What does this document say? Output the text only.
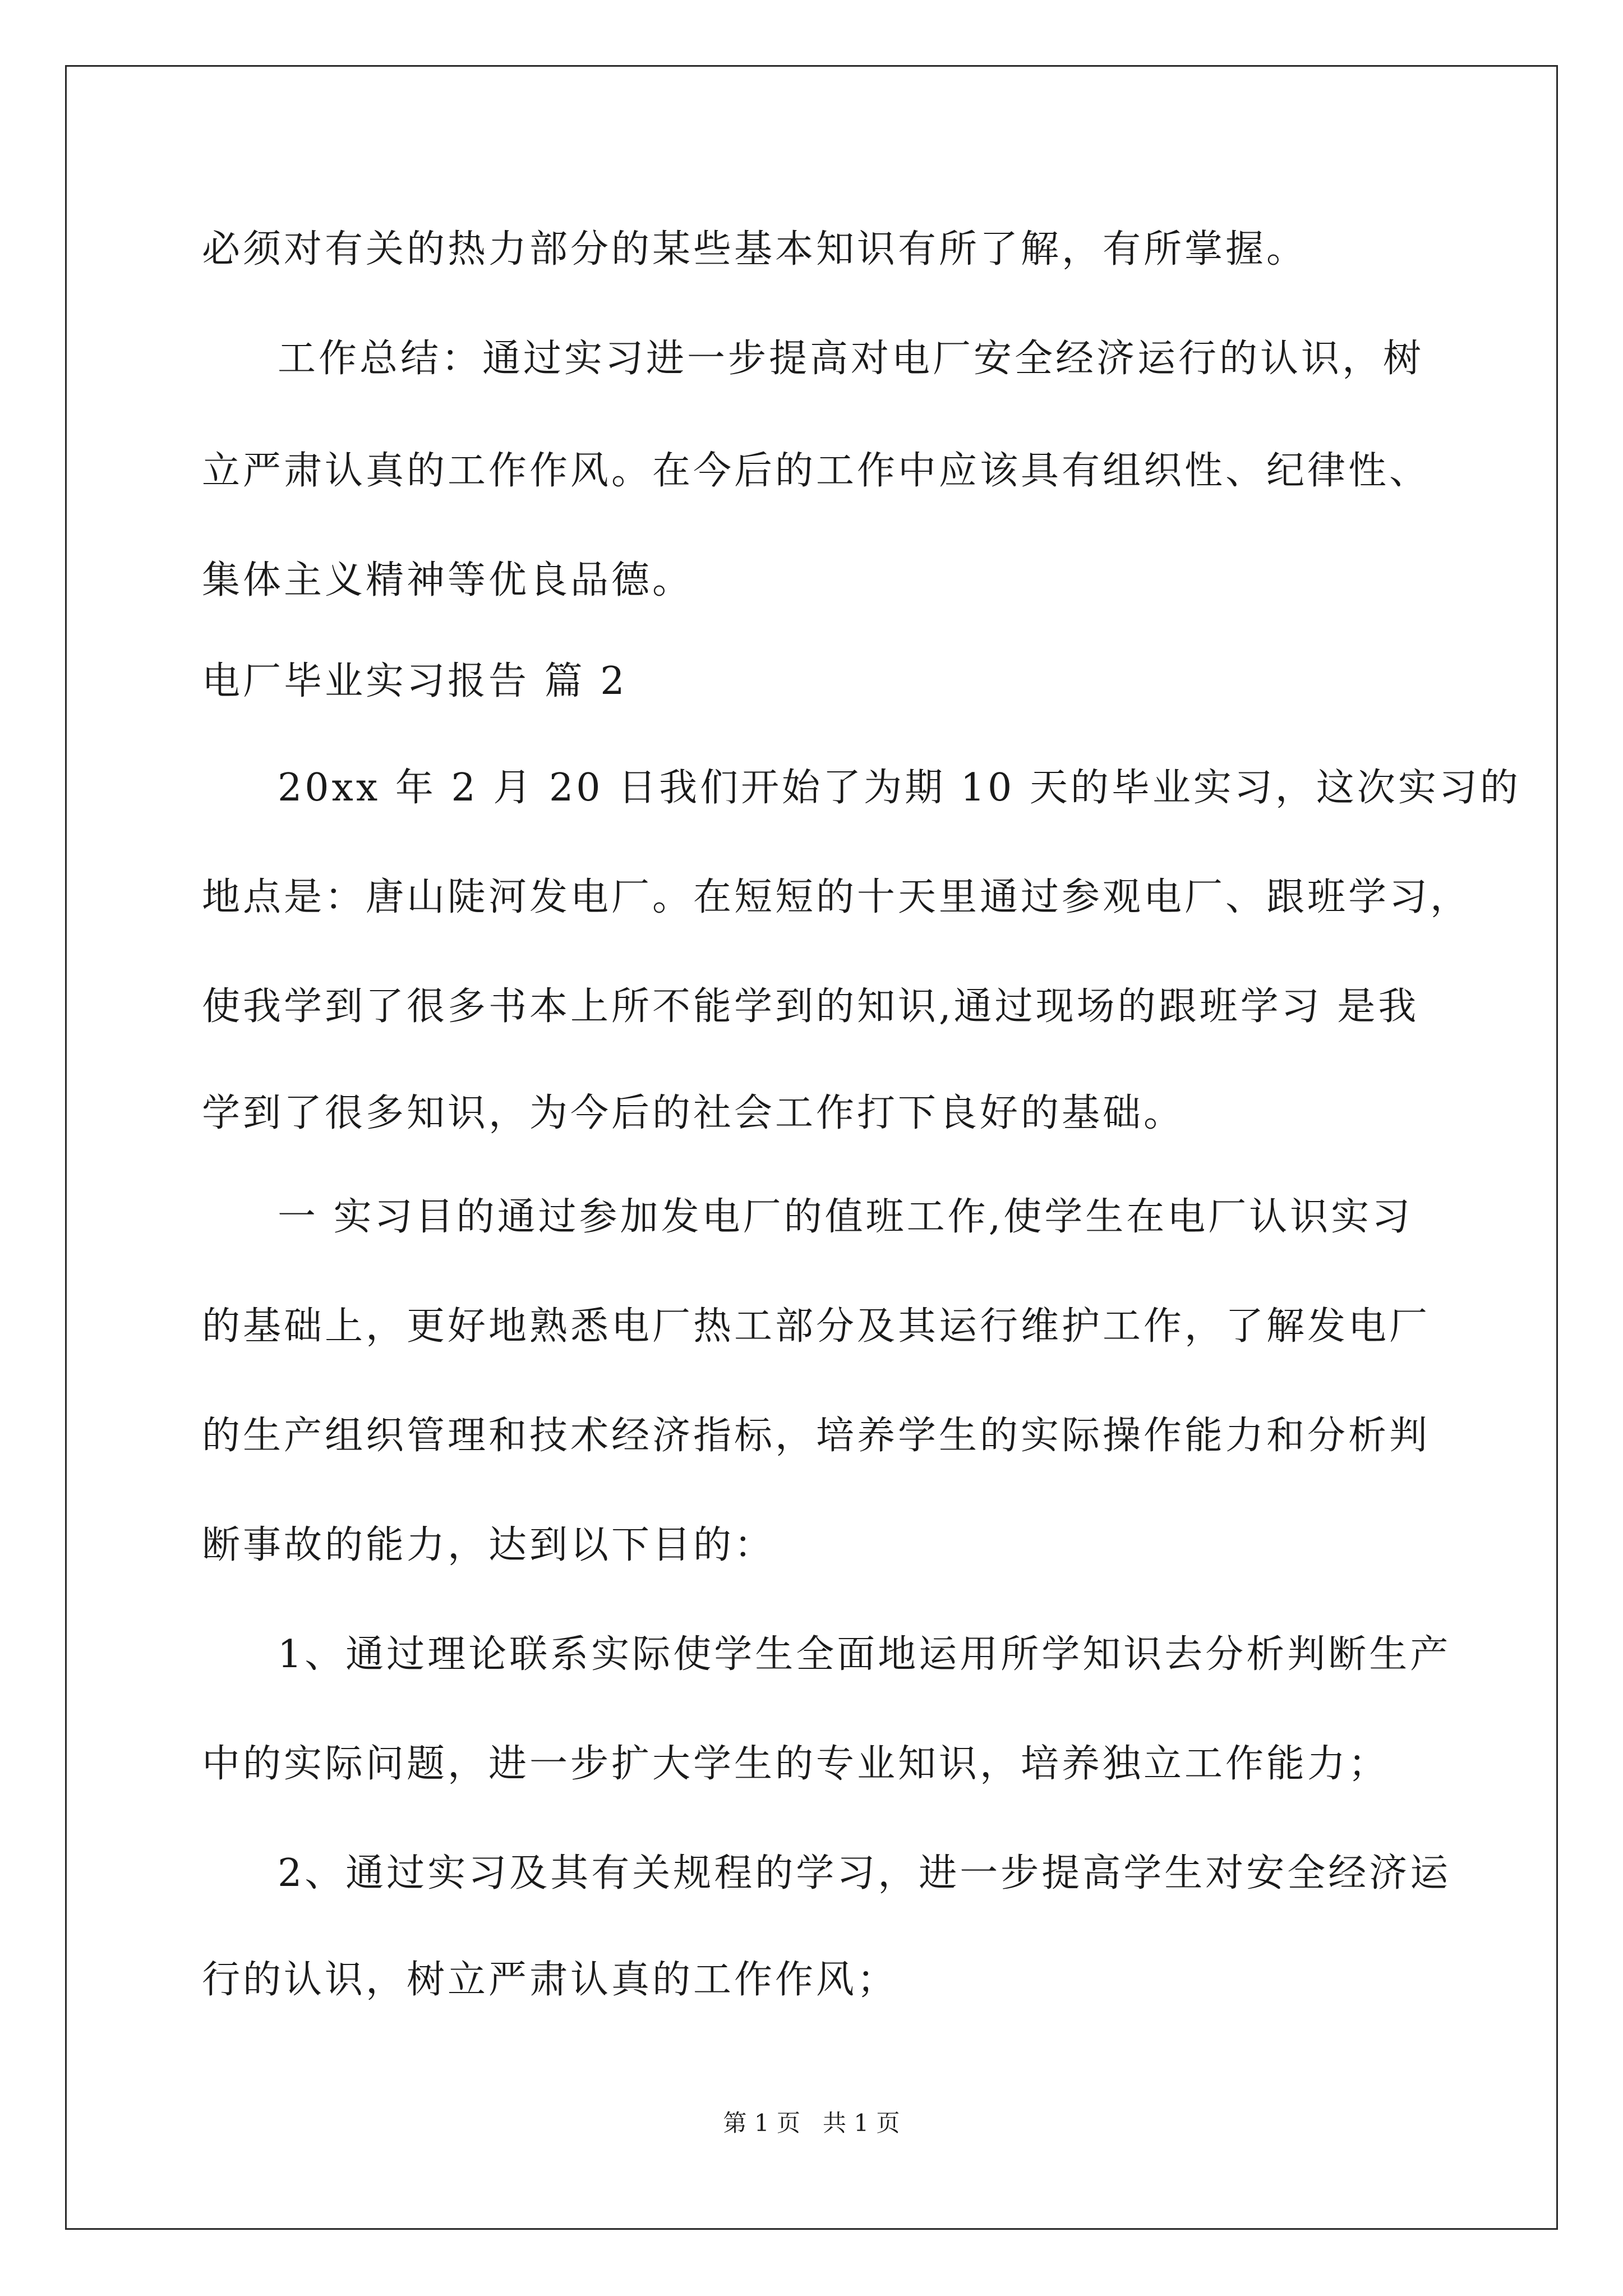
必须对有关的热力部分的某些基本知识有所了解，有所掌握。
工作总结：通过实习进一步提高对电厂安全经济运行的认识，树
立严肃认真的工作作风。在今后的工作中应该具有组织性、纪律性、
集体主义精神等优良品德。
电厂毕业实习报告 篇 2
20xx 年 2 月 20 日我们开始了为期 10 天的毕业实习，这次实习的
地点是：唐山陡河发电厂。在短短的十天里通过参观电厂、跟班学习，
使我学到了很多书本上所不能学到的知识,通过现场的跟班学习 是我
学到了很多知识，为今后的社会工作打下良好的基础。
一 实习目的通过参加发电厂的值班工作,使学生在电厂认识实习
的基础上，更好地熟悉电厂热工部分及其运行维护工作，了解发电厂
的生产组织管理和技术经济指标，培养学生的实际操作能力和分析判
断事故的能力，达到以下目的：
1、通过理论联系实际使学生全面地运用所学知识去分析判断生产
中的实际问题，进一步扩大学生的专业知识，培养独立工作能力；
2、通过实习及其有关规程的学习，进一步提高学生对安全经济运
行的认识，树立严肃认真的工作作风；
第 1 页   共 1 页
